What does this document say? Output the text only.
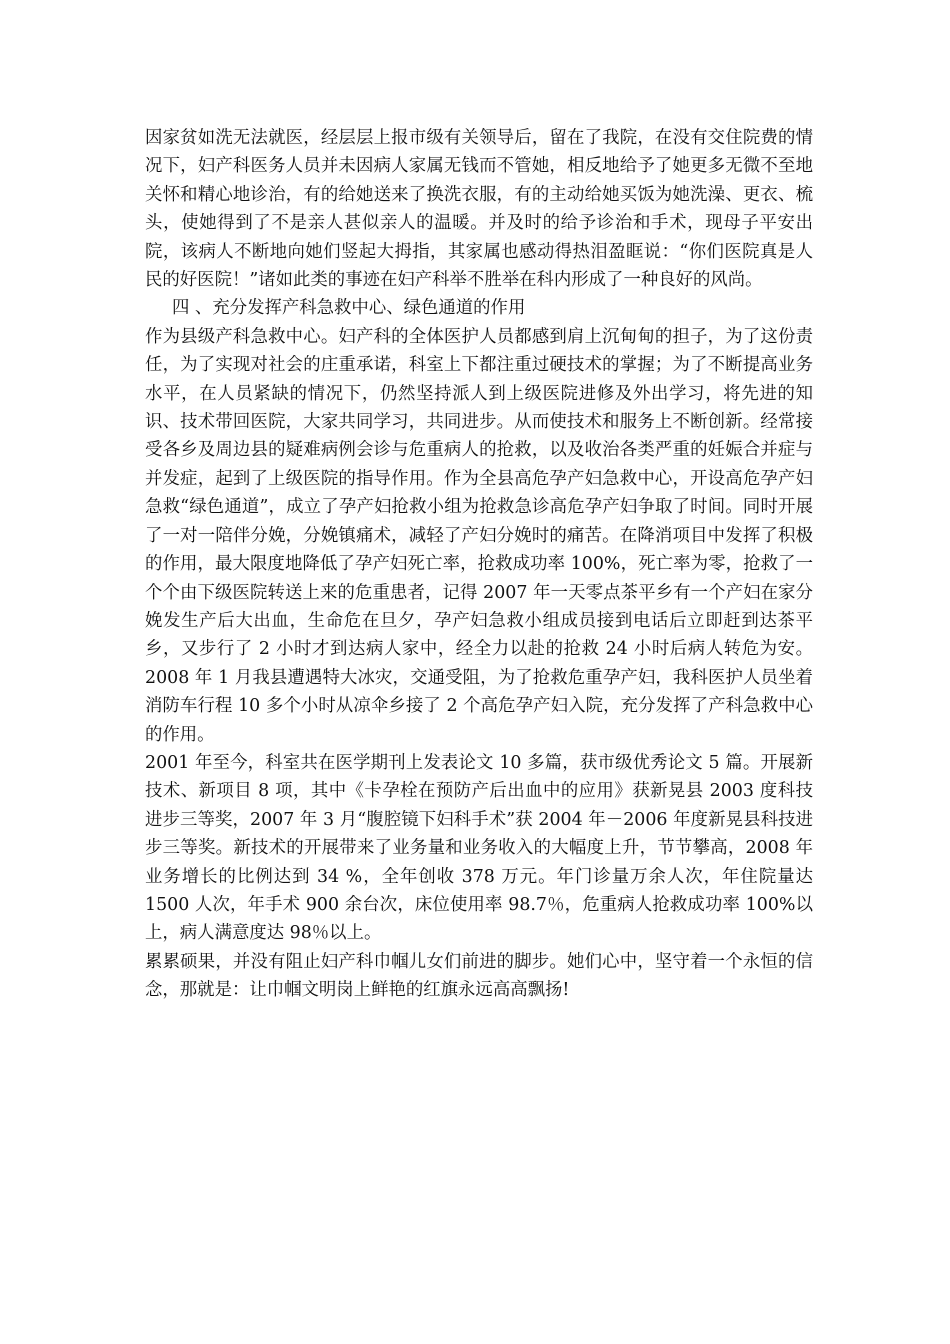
因家贫如洗无法就医，经层层上报市级有关领导后，留在了我院，在没有交住院费的情况下，妇产科医务人员并未因病人家属无钱而不管她，相反地给予了她更多无微不至地关怀和精心地诊治，有的给她送来了换洗衣服，有的主动给她买饭为她洗澡、更衣、梳头，使她得到了不是亲人甚似亲人的温暖。并及时的给予诊治和手术，现母子平安出院，该病人不断地向她们竖起大拇指，其家属也感动得热泪盈眶说：“你们医院真是人民的好医院！”诸如此类的事迹在妇产科举不胜举在科内形成了一种良好的风尚。

四 、充分发挥产科急救中心、绿色通道的作用

作为县级产科急救中心。妇产科的全体医护人员都感到肩上沉甸甸的担子，为了这份责任，为了实现对社会的庄重承诺，科室上下都注重过硬技术的掌握；为了不断提高业务水平，在人员紧缺的情况下，仍然坚持派人到上级医院进修及外出学习，将先进的知识、技术带回医院，大家共同学习，共同进步。从而使技术和服务上不断创新。经常接受各乡及周边县的疑难病例会诊与危重病人的抢救，以及收治各类严重的妊娠合并症与并发症，起到了上级医院的指导作用。作为全县高危孕产妇急救中心，开设高危孕产妇急救“绿色通道”，成立了孕产妇抢救小组为抢救急诊高危孕产妇争取了时间。同时开展了一对一陪伴分娩，分娩镇痛术，减轻了产妇分娩时的痛苦。在降消项目中发挥了积极的作用，最大限度地降低了孕产妇死亡率，抢救成功率 100%，死亡率为零，抢救了一个个由下级医院转送上来的危重患者，记得 2007 年一天零点茶平乡有一个产妇在家分娩发生产后大出血，生命危在旦夕，孕产妇急救小组成员接到电话后立即赶到达茶平乡，又步行了 2 小时才到达病人家中，经全力以赴的抢救 24 小时后病人转危为安。2008 年 1 月我县遭遇特大冰灾，交通受阻，为了抢救危重孕产妇，我科医护人员坐着消防车行程 10 多个小时从凉伞乡接了 2 个高危孕产妇入院，充分发挥了产科急救中心的作用。

2001 年至今，科室共在医学期刊上发表论文 10 多篇，获市级优秀论文 5 篇。开展新技术、新项目 8 项，其中《卡孕栓在预防产后出血中的应用》获新晃县 2003 度科技进步三等奖，2007 年 3 月“腹腔镜下妇科手术”获 2004 年－2006 年度新晃县科技进步三等奖。新技术的开展带来了业务量和业务收入的大幅度上升，节节攀高，2008 年业务增长的比例达到 34 %，全年创收 378 万元。年门诊量万余人次，年住院量达 1500 人次，年手术 900 余台次，床位使用率 98.7％，危重病人抢救成功率 100%以上，病人满意度达 98％以上。

累累硕果，并没有阻止妇产科巾帼儿女们前进的脚步。她们心中，坚守着一个永恒的信念，那就是：让巾帼文明岗上鲜艳的红旗永远高高飘扬!
